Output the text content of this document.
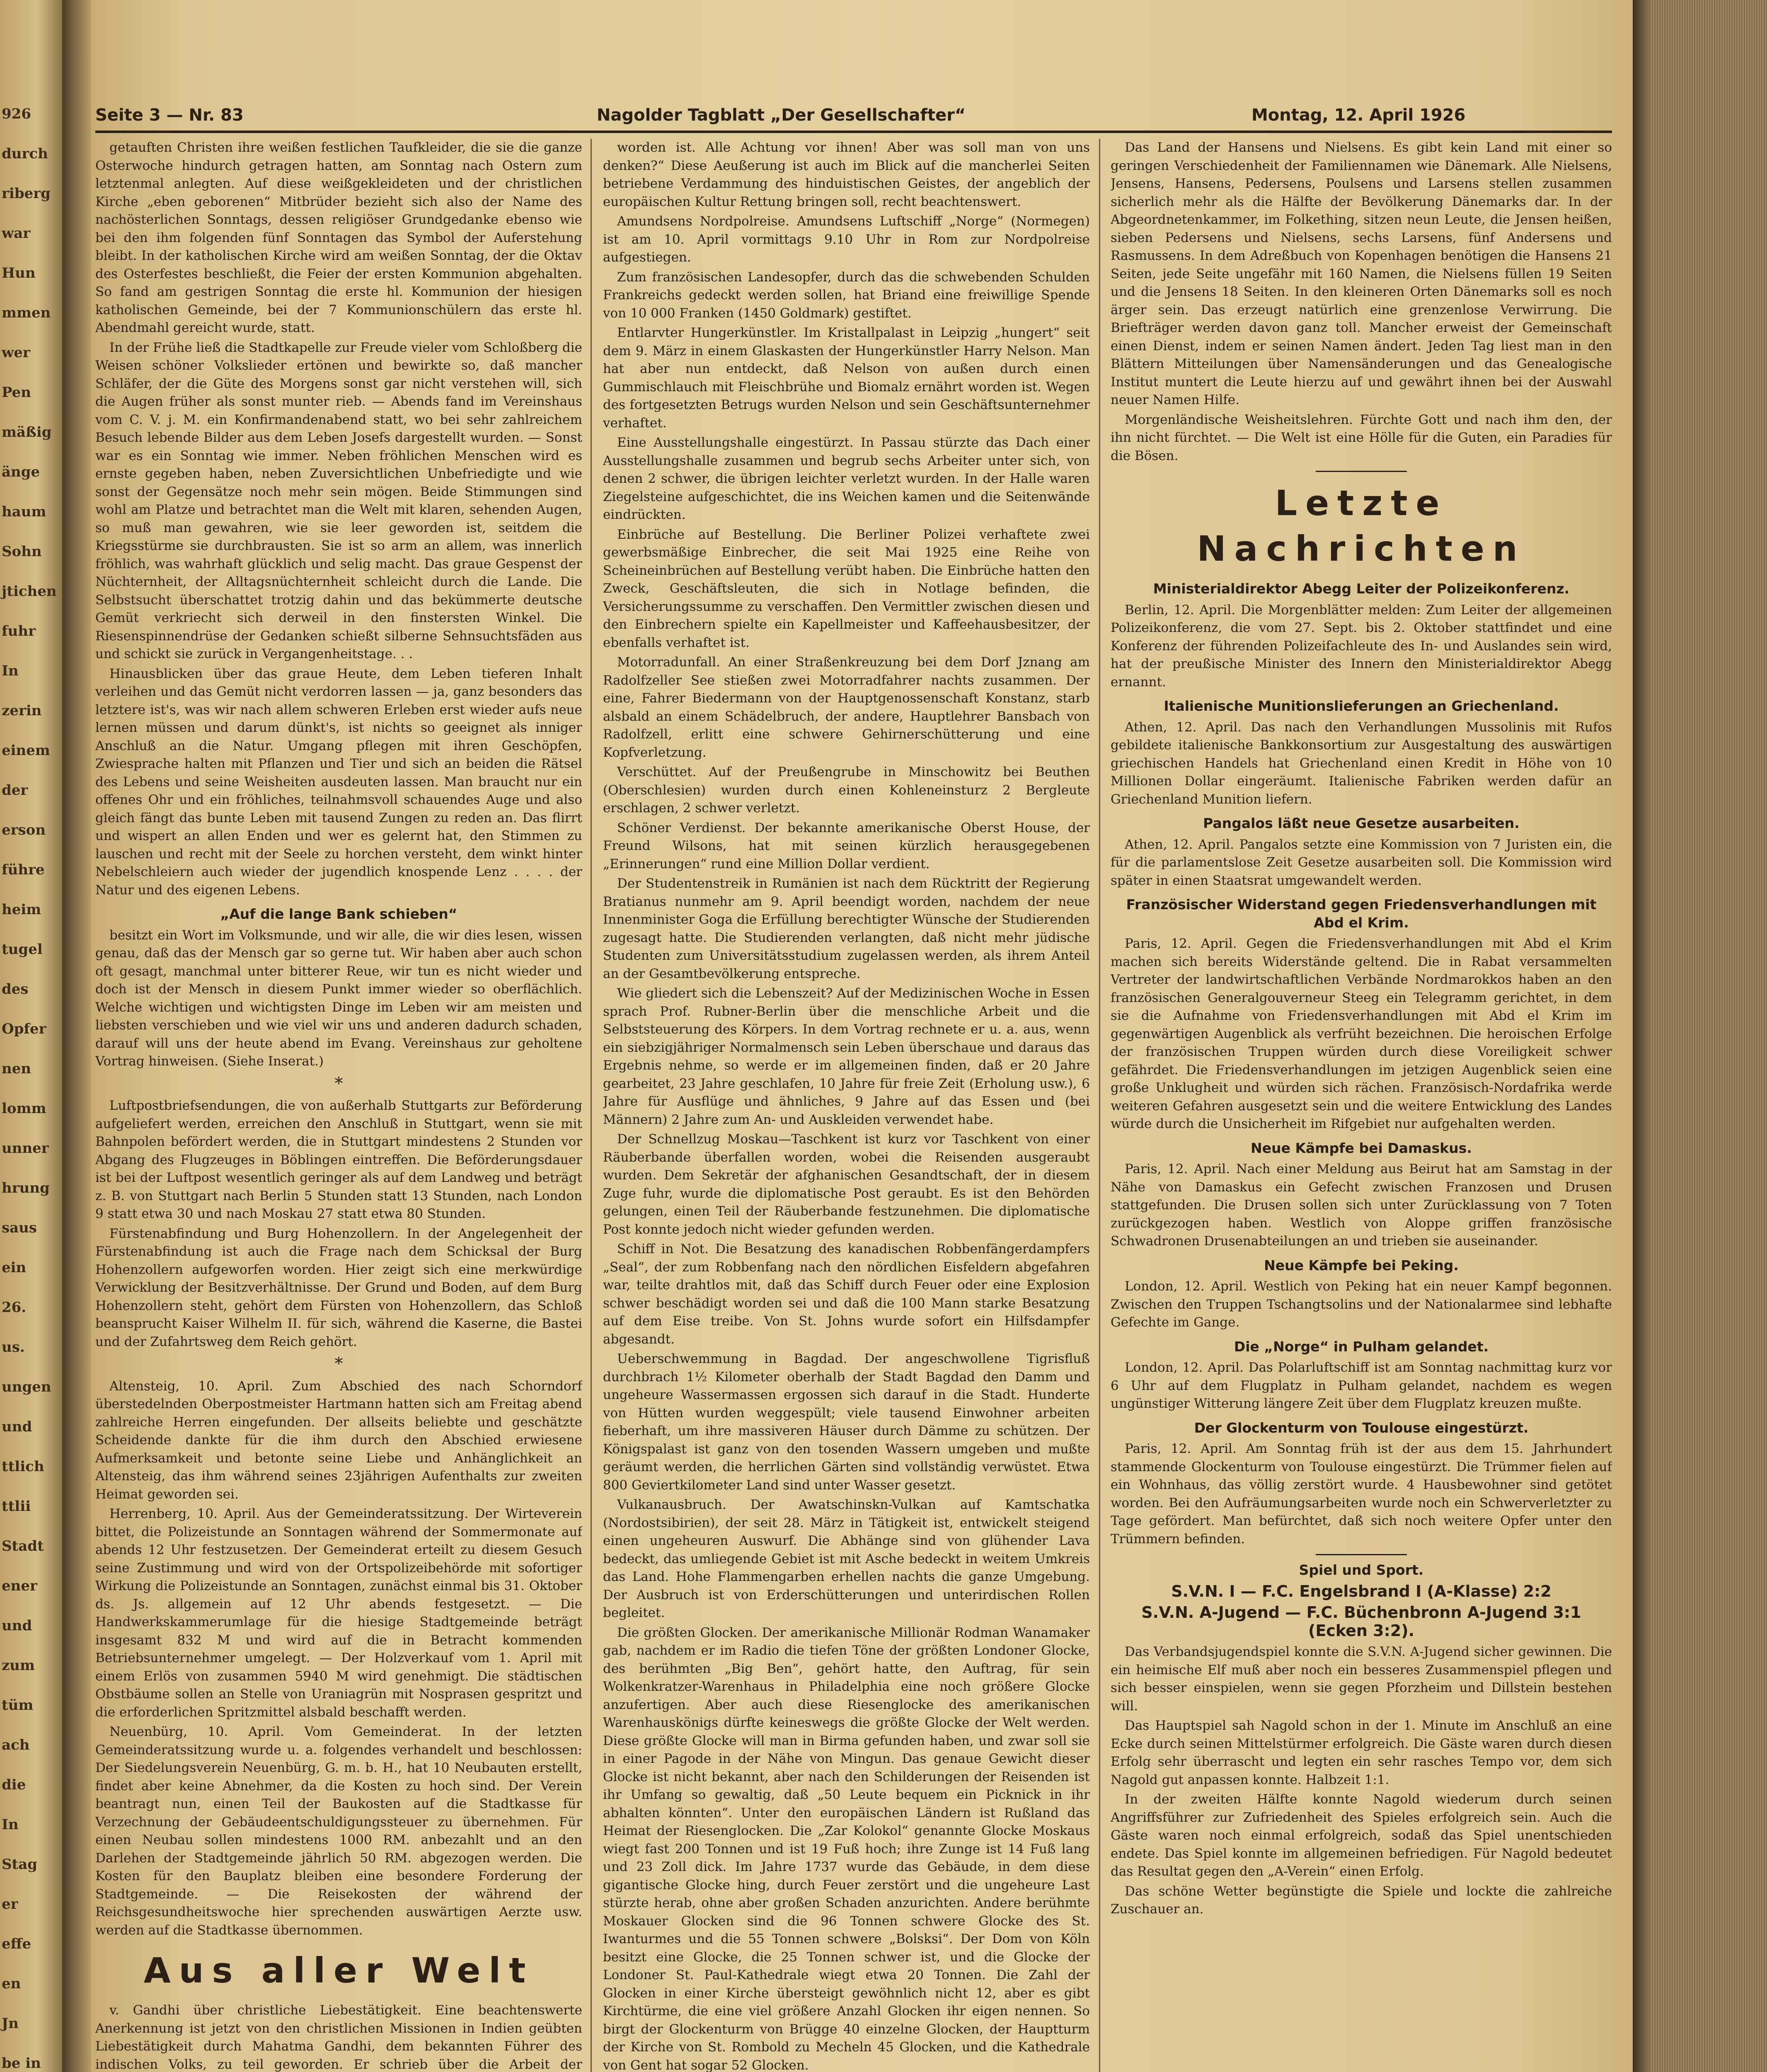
926
durch
riberg
war
Hun
mmen
wer
Pen
mäßig
änge
haum
Sohn
jtichen
fuhr
In
zerin
einem
der
erson
führe
heim
tugel
des
Opfer
nen
lomm
unner
hrung
saus
ein
26.
us.
ungen
und
ttlich
ttlii
Stadt
ener
und
zum
tüm
ach
die
In
Stag
er
effe
en
Jn
be in
Seite 3 — Nr. 83	Nagolder Tagblatt „Der Gesellschafter“	Montag, 12. April 1926

getauften Christen ihre weißen festlichen Taufkleider, die sie die ganze Osterwoche hindurch getragen hatten, am Sonntag nach Ostern zum letztenmal anlegten. Auf diese weißgekleideten und der christlichen Kirche „eben geborenen“ Mitbrüder bezieht sich also der Name des nachösterlichen Sonntags, dessen religiöser Grundgedanke ebenso wie bei den ihm folgenden fünf Sonntagen das Symbol der Auferstehung bleibt. In der katholischen Kirche wird am weißen Sonntag, der die Oktav des Osterfestes beschließt, die Feier der ersten Kommunion abgehalten. So fand am gestrigen Sonntag die erste hl. Kommunion der hiesigen katholischen Gemeinde, bei der 7 Kommunionschülern das erste hl. Abendmahl gereicht wurde, statt.

In der Frühe ließ die Stadtkapelle zur Freude vieler vom Schloßberg die Weisen schöner Volkslieder ertönen und bewirkte so, daß mancher Schläfer, der die Güte des Morgens sonst gar nicht verstehen will, sich die Augen früher als sonst munter rieb. — Abends fand im Vereinshaus vom C. V. j. M. ein Konfirmandenabend statt, wo bei sehr zahlreichem Besuch lebende Bilder aus dem Leben Josefs dargestellt wurden. — Sonst war es ein Sonntag wie immer. Neben fröhlichen Menschen wird es ernste gegeben haben, neben Zuversichtlichen Unbefriedigte und wie sonst der Gegensätze noch mehr sein mögen. Beide Stimmungen sind wohl am Platze und betrachtet man die Welt mit klaren, sehenden Augen, so muß man gewahren, wie sie leer geworden ist, seitdem die Kriegsstürme sie durchbrausten. Sie ist so arm an allem, was innerlich fröhlich, was wahrhaft glücklich und selig macht. Das graue Gespenst der Nüchternheit, der Alltagsnüchternheit schleicht durch die Lande. Die Selbstsucht überschattet trotzig dahin und das bekümmerte deutsche Gemüt verkriecht sich derweil in den finstersten Winkel. Die Riesenspinnendrüse der Gedanken schießt silberne Sehnsuchtsfäden aus und schickt sie zurück in Vergangenheitstage. . .

Hinausblicken über das graue Heute, dem Leben tieferen Inhalt verleihen und das Gemüt nicht verdorren lassen — ja, ganz besonders das letztere ist's, was wir nach allem schweren Erleben erst wieder aufs neue lernen müssen und darum dünkt's, ist nichts so geeignet als inniger Anschluß an die Natur. Umgang pflegen mit ihren Geschöpfen, Zwiesprache halten mit Pflanzen und Tier und sich an beiden die Rätsel des Lebens und seine Weisheiten ausdeuten lassen. Man braucht nur ein offenes Ohr und ein fröhliches, teilnahmsvoll schauendes Auge und also gleich fängt das bunte Leben mit tausend Zungen zu reden an. Das flirrt und wispert an allen Enden und wer es gelernt hat, den Stimmen zu lauschen und recht mit der Seele zu horchen versteht, dem winkt hinter Nebelschleiern auch wieder der jugendlich knospende Lenz . . . . der Natur und des eigenen Lebens.

„Auf die lange Bank schieben“

besitzt ein Wort im Volksmunde, und wir alle, die wir dies lesen, wissen genau, daß das der Mensch gar so gerne tut. Wir haben aber auch schon oft gesagt, manchmal unter bitterer Reue, wir tun es nicht wieder und doch ist der Mensch in diesem Punkt immer wieder so oberflächlich. Welche wichtigen und wichtigsten Dinge im Leben wir am meisten und liebsten verschieben und wie viel wir uns und anderen dadurch schaden, darauf will uns der heute abend im Evang. Vereinshaus zur geholtene Vortrag hinweisen. (Siehe Inserat.)

*

Luftpostbriefsendungen, die von außerhalb Stuttgarts zur Beförderung aufgeliefert werden, erreichen den Anschluß in Stuttgart, wenn sie mit Bahnpolen befördert werden, die in Stuttgart mindestens 2 Stunden vor Abgang des Flugzeuges in Böblingen eintreffen. Die Beförderungsdauer ist bei der Luftpost wesentlich geringer als auf dem Landweg und beträgt z. B. von Stuttgart nach Berlin 5 Stunden statt 13 Stunden, nach London 9 statt etwa 30 und nach Moskau 27 statt etwa 80 Stunden.

Fürstenabfindung und Burg Hohenzollern. In der Angelegenheit der Fürstenabfindung ist auch die Frage nach dem Schicksal der Burg Hohenzollern aufgeworfen worden. Hier zeigt sich eine merkwürdige Verwicklung der Besitzverhältnisse. Der Grund und Boden, auf dem Burg Hohenzollern steht, gehört dem Fürsten von Hohenzollern, das Schloß beansprucht Kaiser Wilhelm II. für sich, während die Kaserne, die Bastei und der Zufahrtsweg dem Reich gehört.

*

Altensteig, 10. April. Zum Abschied des nach Schorndorf überstedelnden Oberpostmeister Hartmann hatten sich am Freitag abend zahlreiche Herren eingefunden. Der allseits beliebte und geschätzte Scheidende dankte für die ihm durch den Abschied erwiesene Aufmerksamkeit und betonte seine Liebe und Anhänglichkeit an Altensteig, das ihm während seines 23jährigen Aufenthalts zur zweiten Heimat geworden sei.

Herrenberg, 10. April. Aus der Gemeinderatssitzung. Der Wirteverein bittet, die Polizeistunde an Sonntagen während der Sommermonate auf abends 12 Uhr festzusetzen. Der Gemeinderat erteilt zu diesem Gesuch seine Zustimmung und wird von der Ortspolizeibehörde mit sofortiger Wirkung die Polizeistunde an Sonntagen, zunächst einmal bis 31. Oktober ds. Js. allgemein auf 12 Uhr abends festgesetzt. — Die Handwerkskammerumlage für die hiesige Stadtgemeinde beträgt insgesamt 832 M und wird auf die in Betracht kommenden Betriebsunternehmer umgelegt. — Der Holzverkauf vom 1. April mit einem Erlös von zusammen 5940 M wird genehmigt. Die städtischen Obstbäume sollen an Stelle von Uraniagrün mit Nosprasen gespritzt und die erforderlichen Spritzmittel alsbald beschafft werden.

Neuenbürg, 10. April. Vom Gemeinderat. In der letzten Gemeinderatssitzung wurde u. a. folgendes verhandelt und beschlossen: Der Siedelungsverein Neuenbürg, G. m. b. H., hat 10 Neubauten erstellt, findet aber keine Abnehmer, da die Kosten zu hoch sind. Der Verein beantragt nun, einen Teil der Baukosten auf die Stadtkasse für Verzechnung der Gebäudeentschuldigungssteuer zu übernehmen. Für einen Neubau sollen mindestens 1000 RM. anbezahlt und an den Darlehen der Stadtgemeinde jährlich 50 RM. abgezogen werden. Die Kosten für den Bauplatz bleiben eine besondere Forderung der Stadtgemeinde. — Die Reisekosten der während der Reichsgesundheitswoche hier sprechenden auswärtigen Aerzte usw. werden auf die Stadtkasse übernommen.

Aus aller Welt

v. Gandhi über christliche Liebestätigkeit. Eine beachtenswerte Anerkennung ist jetzt von den christlichen Missionen in Indien geübten Liebestätigkeit durch Mahatma Gandhi, dem bekannten Führer des indischen Volks, zu teil geworden. Er schrieb über die Arbeit der

worden ist. Alle Achtung vor ihnen! Aber was soll man von uns denken?“ Diese Aeußerung ist auch im Blick auf die mancherlei Seiten betriebene Verdammung des hinduistischen Geistes, der angeblich der europäischen Kultur Rettung bringen soll, recht beachtenswert.

Amundsens Nordpolreise. Amundsens Luftschiff „Norge“ (Normegen) ist am 10. April vormittags 9.10 Uhr in Rom zur Nordpolreise aufgestiegen.

Zum französischen Landesopfer, durch das die schwebenden Schulden Frankreichs gedeckt werden sollen, hat Briand eine freiwillige Spende von 10 000 Franken (1450 Goldmark) gestiftet.

Entlarvter Hungerkünstler. Im Kristallpalast in Leipzig „hungert“ seit dem 9. März in einem Glaskasten der Hungerkünstler Harry Nelson. Man hat aber nun entdeckt, daß Nelson von außen durch einen Gummischlauch mit Fleischbrühe und Biomalz ernährt worden ist. Wegen des fortgesetzten Betrugs wurden Nelson und sein Geschäftsunternehmer verhaftet.

Eine Ausstellungshalle eingestürzt. In Passau stürzte das Dach einer Ausstellungshalle zusammen und begrub sechs Arbeiter unter sich, von denen 2 schwer, die übrigen leichter verletzt wurden. In der Halle waren Ziegelsteine aufgeschichtet, die ins Weichen kamen und die Seitenwände eindrückten.

Einbrüche auf Bestellung. Die Berliner Polizei verhaftete zwei gewerbsmäßige Einbrecher, die seit Mai 1925 eine Reihe von Scheineinbrüchen auf Bestellung verübt haben. Die Einbrüche hatten den Zweck, Geschäftsleuten, die sich in Notlage befinden, die Versicherungssumme zu verschaffen. Den Vermittler zwischen diesen und den Einbrechern spielte ein Kapellmeister und Kaffeehausbesitzer, der ebenfalls verhaftet ist.

Motorradunfall. An einer Straßenkreuzung bei dem Dorf Jznang am Radolfzeller See stießen zwei Motorradfahrer nachts zusammen. Der eine, Fahrer Biedermann von der Hauptgenossenschaft Konstanz, starb alsbald an einem Schädelbruch, der andere, Hauptlehrer Bansbach von Radolfzell, erlitt eine schwere Gehirnerschütterung und eine Kopfverletzung.

Verschüttet. Auf der Preußengrube in Minschowitz bei Beuthen (Oberschlesien) wurden durch einen Kohleneinsturz 2 Bergleute erschlagen, 2 schwer verletzt.

Schöner Verdienst. Der bekannte amerikanische Oberst House, der Freund Wilsons, hat mit seinen kürzlich herausgegebenen „Erinnerungen“ rund eine Million Dollar verdient.

Der Studentenstreik in Rumänien ist nach dem Rücktritt der Regierung Bratianus nunmehr am 9. April beendigt worden, nachdem der neue Innenminister Goga die Erfüllung berechtigter Wünsche der Studierenden zugesagt hatte. Die Studierenden verlangten, daß nicht mehr jüdische Studenten zum Universitätsstudium zugelassen werden, als ihrem Anteil an der Gesamtbevölkerung entspreche.

Wie gliedert sich die Lebenszeit? Auf der Medizinischen Woche in Essen sprach Prof. Rubner-Berlin über die menschliche Arbeit und die Selbststeuerung des Körpers. In dem Vortrag rechnete er u. a. aus, wenn ein siebzigjähriger Normalmensch sein Leben überschaue und daraus das Ergebnis nehme, so werde er im allgemeinen finden, daß er 20 Jahre gearbeitet, 23 Jahre geschlafen, 10 Jahre für freie Zeit (Erholung usw.), 6 Jahre für Ausflüge und ähnliches, 9 Jahre auf das Essen und (bei Männern) 2 Jahre zum An- und Auskleiden verwendet habe.

Der Schnellzug Moskau—Taschkent ist kurz vor Taschkent von einer Räuberbande überfallen worden, wobei die Reisenden ausgeraubt wurden. Dem Sekretär der afghanischen Gesandtschaft, der in diesem Zuge fuhr, wurde die diplomatische Post geraubt. Es ist den Behörden gelungen, einen Teil der Räuberbande festzunehmen. Die diplomatische Post konnte jedoch nicht wieder gefunden werden.

Schiff in Not. Die Besatzung des kanadischen Robbenfängerdampfers „Seal“, der zum Robbenfang nach den nördlichen Eisfeldern abgefahren war, teilte drahtlos mit, daß das Schiff durch Feuer oder eine Explosion schwer beschädigt worden sei und daß die 100 Mann starke Besatzung auf dem Eise treibe. Von St. Johns wurde sofort ein Hilfsdampfer abgesandt.

Ueberschwemmung in Bagdad. Der angeschwollene Tigrisfluß durchbrach 1½ Kilometer oberhalb der Stadt Bagdad den Damm und ungeheure Wassermassen ergossen sich darauf in die Stadt. Hunderte von Hütten wurden weggespült; viele tausend Einwohner arbeiten fieberhaft, um ihre massiveren Häuser durch Dämme zu schützen. Der Königspalast ist ganz von den tosenden Wassern umgeben und mußte geräumt werden, die herrlichen Gärten sind vollständig verwüstet. Etwa 800 Geviertkilometer Land sind unter Wasser gesetzt.

Vulkanausbruch. Der Awatschinskn-Vulkan auf Kamtschatka (Nordostsibirien), der seit 28. März in Tätigkeit ist, entwickelt steigend einen ungeheuren Auswurf. Die Abhänge sind von glühender Lava bedeckt, das umliegende Gebiet ist mit Asche bedeckt in weitem Umkreis das Land. Hohe Flammengarben erhellen nachts die ganze Umgebung. Der Ausbruch ist von Erderschütterungen und unterirdischen Rollen begleitet.

Die größten Glocken. Der amerikanische Millionär Rodman Wanamaker gab, nachdem er im Radio die tiefen Töne der größten Londoner Glocke, des berühmten „Big Ben“, gehört hatte, den Auftrag, für sein Wolkenkratzer-Warenhaus in Philadelphia eine noch größere Glocke anzufertigen. Aber auch diese Riesenglocke des amerikanischen Warenhauskönigs dürfte keineswegs die größte Glocke der Welt werden. Diese größte Glocke will man in Birma gefunden haben, und zwar soll sie in einer Pagode in der Nähe von Mingun. Das genaue Gewicht dieser Glocke ist nicht bekannt, aber nach den Schilderungen der Reisenden ist ihr Umfang so gewaltig, daß „50 Leute bequem ein Picknick in ihr abhalten könnten“. Unter den europäischen Ländern ist Rußland das Heimat der Riesenglocken. Die „Zar Kolokol“ genannte Glocke Moskaus wiegt fast 200 Tonnen und ist 19 Fuß hoch; ihre Zunge ist 14 Fuß lang und 23 Zoll dick. Im Jahre 1737 wurde das Gebäude, in dem diese gigantische Glocke hing, durch Feuer zerstört und die ungeheure Last stürzte herab, ohne aber großen Schaden anzurichten. Andere berühmte Moskauer Glocken sind die 96 Tonnen schwere Glocke des St. Iwanturmes und die 55 Tonnen schwere „Bolsksi“. Der Dom von Köln besitzt eine Glocke, die 25 Tonnen schwer ist, und die Glocke der Londoner St. Paul-Kathedrale wiegt etwa 20 Tonnen. Die Zahl der Glocken in einer Kirche übersteigt gewöhnlich nicht 12, aber es gibt Kirchtürme, die eine viel größere Anzahl Glocken ihr eigen nennen. So birgt der Glockenturm von Brügge 40 einzelne Glocken, der Hauptturm der Kirche von St. Rombold zu Mecheln 45 Glocken, und die Kathedrale von Gent hat sogar 52 Glocken.

Das Land der Hansens und Nielsens. Es gibt kein Land mit einer so geringen Verschiedenheit der Familiennamen wie Dänemark. Alle Nielsens, Jensens, Hansens, Pedersens, Poulsens und Larsens stellen zusammen sicherlich mehr als die Hälfte der Bevölkerung Dänemarks dar. In der Abgeordnetenkammer, im Folkething, sitzen neun Leute, die Jensen heißen, sieben Pedersens und Nielsens, sechs Larsens, fünf Andersens und Rasmussens. In dem Adreßbuch von Kopenhagen benötigen die Hansens 21 Seiten, jede Seite ungefähr mit 160 Namen, die Nielsens füllen 19 Seiten und die Jensens 18 Seiten. In den kleineren Orten Dänemarks soll es noch ärger sein. Das erzeugt natürlich eine grenzenlose Verwirrung. Die Briefträger werden davon ganz toll. Mancher erweist der Gemeinschaft einen Dienst, indem er seinen Namen ändert. Jeden Tag liest man in den Blättern Mitteilungen über Namensänderungen und das Genealogische Institut muntert die Leute hierzu auf und gewährt ihnen bei der Auswahl neuer Namen Hilfe.

Morgenländische Weisheitslehren. Fürchte Gott und nach ihm den, der ihn nicht fürchtet. — Die Welt ist eine Hölle für die Guten, ein Paradies für die Bösen.

Letzte Nachrichten
Ministerialdirektor Abegg Leiter der Polizeikonferenz.

Berlin, 12. April. Die Morgenblätter melden: Zum Leiter der allgemeinen Polizeikonferenz, die vom 27. Sept. bis 2. Oktober stattfindet und eine Konferenz der führenden Polizeifachleute des In- und Auslandes sein wird, hat der preußische Minister des Innern den Ministerialdirektor Abegg ernannt.

Italienische Munitionslieferungen an Griechenland.

Athen, 12. April. Das nach den Verhandlungen Mussolinis mit Rufos gebildete italienische Bankkonsortium zur Ausgestaltung des auswärtigen griechischen Handels hat Griechenland einen Kredit in Höhe von 10 Millionen Dollar eingeräumt. Italienische Fabriken werden dafür an Griechenland Munition liefern.

Pangalos läßt neue Gesetze ausarbeiten.

Athen, 12. April. Pangalos setzte eine Kommission von 7 Juristen ein, die für die parlamentslose Zeit Gesetze ausarbeiten soll. Die Kommission wird später in einen Staatsrat umgewandelt werden.

Französischer Widerstand gegen Friedensverhandlungen mit Abd el Krim.

Paris, 12. April. Gegen die Friedensverhandlungen mit Abd el Krim machen sich bereits Widerstände geltend. Die in Rabat versammelten Vertreter der landwirtschaftlichen Verbände Nordmarokkos haben an den französischen Generalgouverneur Steeg ein Telegramm gerichtet, in dem sie die Aufnahme von Friedensverhandlungen mit Abd el Krim im gegenwärtigen Augenblick als verfrüht bezeichnen. Die heroischen Erfolge der französischen Truppen würden durch diese Voreiligkeit schwer gefährdet. Die Friedensverhandlungen im jetzigen Augenblick seien eine große Unklugheit und würden sich rächen. Französisch-Nordafrika werde weiteren Gefahren ausgesetzt sein und die weitere Entwicklung des Landes würde durch die Unsicherheit im Rifgebiet nur aufgehalten werden.

Neue Kämpfe bei Damaskus.

Paris, 12. April. Nach einer Meldung aus Beirut hat am Samstag in der Nähe von Damaskus ein Gefecht zwischen Franzosen und Drusen stattgefunden. Die Drusen sollen sich unter Zurücklassung von 7 Toten zurückgezogen haben. Westlich von Aloppe griffen französische Schwadronen Drusenabteilungen an und trieben sie auseinander.

Neue Kämpfe bei Peking.

London, 12. April. Westlich von Peking hat ein neuer Kampf begonnen. Zwischen den Truppen Tschangtsolins und der Nationalarmee sind lebhafte Gefechte im Gange.

Die „Norge“ in Pulham gelandet.

London, 12. April. Das Polarluftschiff ist am Sonntag nachmittag kurz vor 6 Uhr auf dem Flugplatz in Pulham gelandet, nachdem es wegen ungünstiger Witterung längere Zeit über dem Flugplatz kreuzen mußte.

Der Glockenturm von Toulouse eingestürzt.

Paris, 12. April. Am Sonntag früh ist der aus dem 15. Jahrhundert stammende Glockenturm von Toulouse eingestürzt. Die Trümmer fielen auf ein Wohnhaus, das völlig zerstört wurde. 4 Hausbewohner sind getötet worden. Bei den Aufräumungsarbeiten wurde noch ein Schwerverletzter zu Tage gefördert. Man befürchtet, daß sich noch weitere Opfer unter den Trümmern befinden.

Spiel und Sport.
S.V.N. I — F.C. Engelsbrand I (A-Klasse) 2:2
S.V.N. A-Jugend — F.C. Büchenbronn A-Jugend 3:1 (Ecken 3:2).

Das Verbandsjugendspiel konnte die S.V.N. A-Jugend sicher gewinnen. Die ein heimische Elf muß aber noch ein besseres Zusammenspiel pflegen und sich besser einspielen, wenn sie gegen Pforzheim und Dillstein bestehen will.

Das Hauptspiel sah Nagold schon in der 1. Minute im Anschluß an eine Ecke durch seinen Mittelstürmer erfolgreich. Die Gäste waren durch diesen Erfolg sehr überrascht und legten ein sehr rasches Tempo vor, dem sich Nagold gut anpassen konnte. Halbzeit 1:1.

In der zweiten Hälfte konnte Nagold wiederum durch seinen Angriffsführer zur Zufriedenheit des Spieles erfolgreich sein. Auch die Gäste waren noch einmal erfolgreich, sodaß das Spiel unentschieden endete. Das Spiel konnte im allgemeinen befriedigen. Für Nagold bedeutet das Resultat gegen den „A-Verein“ einen Erfolg.

Das schöne Wetter begünstigte die Spiele und lockte die zahlreiche Zuschauer an.
